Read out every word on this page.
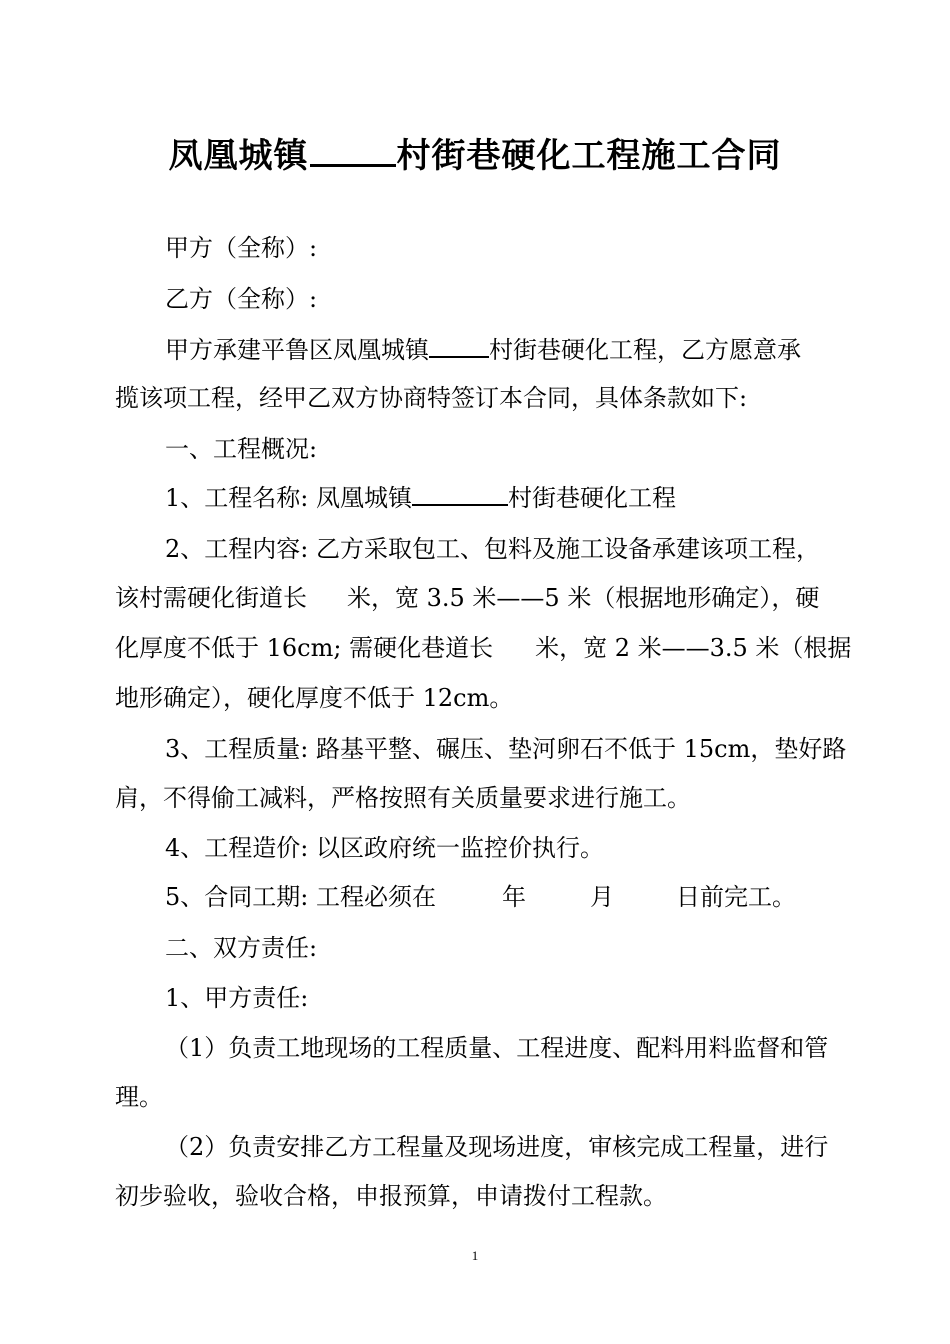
凤凰城镇	村街巷硬化工程施工合同
甲方（全称）:
乙方（全称）:
甲方承建平鲁区凤凰城镇	村街巷硬化工程，乙方愿意承
揽该项工程，经甲乙双方协商特签订本合同，具体条款如下:
一、工程概况:
1、工程名称: 凤凰城镇	村街巷硬化工程
2、工程内容: 乙方采取包工、包料及施工设备承建该项工程，
该村需硬化街道长 米，宽 3.5 米——5 米（根据地形确定），硬
化厚度不低于 16cm; 需硬化巷道长 米，宽 2 米——3.5 米（根据
地形确定），硬化厚度不低于 12cm。
3、工程质量: 路基平整、碾压、垫河卵石不低于 15cm，垫好路
肩，不得偷工减料，严格按照有关质量要求进行施工。
4、工程造价: 以区政府统一监控价执行。
5、合同工期: 工程必须在	年	月	日前完工。
二、双方责任:
1、甲方责任:
（1）负责工地现场的工程质量、工程进度、配料用料监督和管
理。
（2）负责安排乙方工程量及现场进度，审核完成工程量，进行
初步验收，验收合格，申报预算，申请拨付工程款。
1
